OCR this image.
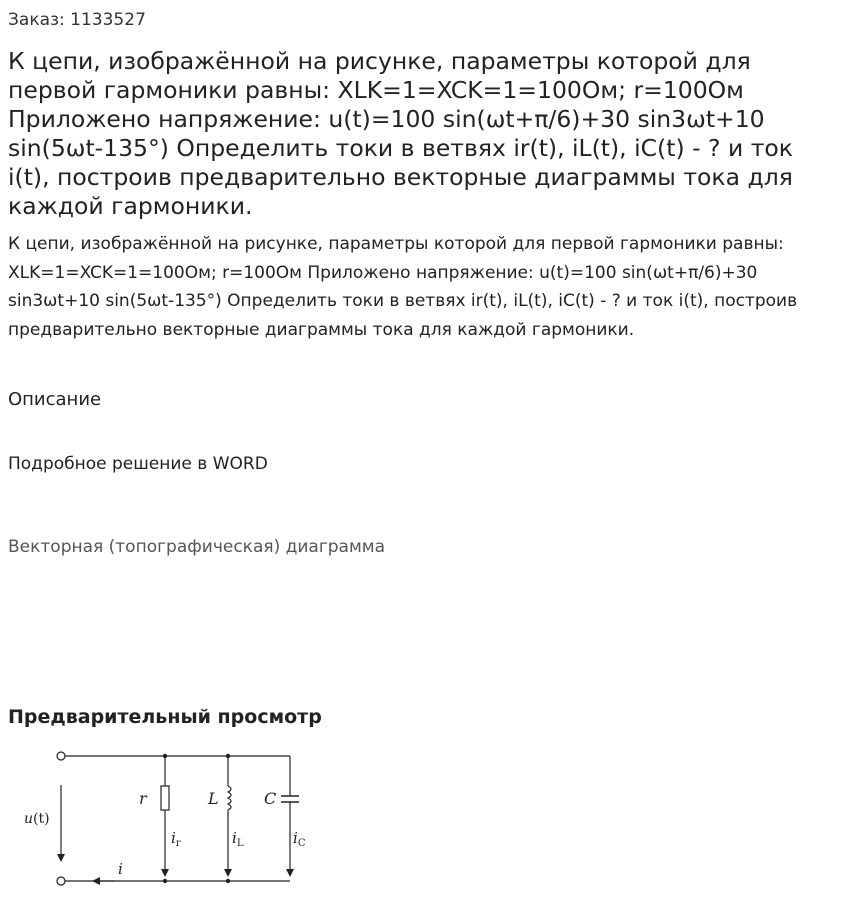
Заказ: 1133527
К цепи, изображённой на рисунке, параметры которой для первой гармоники равны: XLK=1=XCK=1=100Ом; r=100Ом Приложено напряжение: u(t)=100 sin(ωt+π/6)+30 sin3ωt+10 sin(5ωt-135°) Определить токи в ветвях ir(t), iL(t), iC(t) - ? и ток i(t), построив предварительно векторные диаграммы тока для каждой гармоники.

К цепи, изображённой на рисунке, параметры которой для первой гармоники равны: XLK=1=XCK=1=100Ом; r=100Ом Приложено напряжение: u(t)=100 sin(ωt+π/6)+30 sin3ωt+10 sin(5ωt-135°) Определить токи в ветвях ir(t), iL(t), iC(t) - ? и ток i(t), построив предварительно векторные диаграммы тока для каждой гармоники.

Описание
Подробное решение в WORD
Векторная (топографическая) диаграмма
Предварительный просмотр
u(t)
r
$i_r$
L
$i_L$
C
$i_C$
i
